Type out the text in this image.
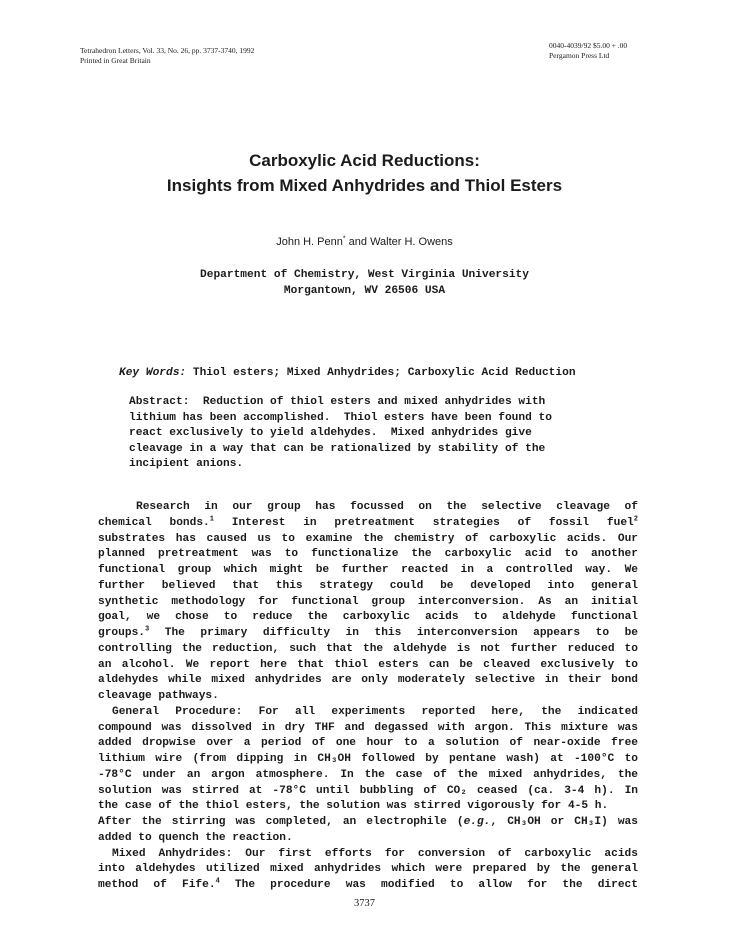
Tetrahedron Letters, Vol. 33, No. 26, pp. 3737-3740, 1992
Printed in Great Britain
0040-4039/92 $5.00 + .00
Pergamon Press Ltd
Carboxylic Acid Reductions:
Insights from Mixed Anhydrides and Thiol Esters
John H. Penn* and Walter H. Owens
Department of Chemistry, West Virginia University
Morgantown, WV 26506 USA
Key Words: Thiol esters; Mixed Anhydrides; Carboxylic Acid Reduction
Abstract:  Reduction of thiol esters and mixed anhydrides with
lithium has been accomplished.  Thiol esters have been found to
react exclusively to yield aldehydes.  Mixed anhydrides give
cleavage in a way that can be rationalized by stability of the
incipient anions.
Research in our group has focussed on the selective cleavage of
chemical bonds.$^1$ Interest in pretreatment strategies of fossil fuel$^2$
substrates has caused us to examine the chemistry of carboxylic acids. Our
planned pretreatment was to functionalize the carboxylic acid to another
functional group which might be further reacted in a controlled way. We
further believed that this strategy could be developed into general
synthetic methodology for functional group interconversion. As an initial
goal, we chose to reduce the carboxylic acids to aldehyde functional
groups.$^3$ The primary difficulty in this interconversion appears to be
controlling the reduction, such that the aldehyde is not further reduced to
an alcohol. We report here that thiol esters can be cleaved exclusively to
aldehydes while mixed anhydrides are only moderately selective in their bond
cleavage pathways.
General Procedure: For all experiments reported here, the indicated
compound was dissolved in dry THF and degassed with argon. This mixture was
added dropwise over a period of one hour to a solution of near-oxide free
lithium wire (from dipping in CH₃OH followed by pentane wash) at -100°C to
-78°C under an argon atmosphere. In the case of the mixed anhydrides, the
solution was stirred at -78°C until bubbling of CO₂ ceased (ca. 3-4 h). In
the case of the thiol esters, the solution was stirred vigorously for 4-5 h.
After the stirring was completed, an electrophile (e.g., CH₃OH or CH₃I) was
added to quench the reaction.
Mixed Anhydrides: Our first efforts for conversion of carboxylic acids
into aldehydes utilized mixed anhydrides which were prepared by the general
method of Fife.$^4$ The procedure was modified to allow for the direct
3737
